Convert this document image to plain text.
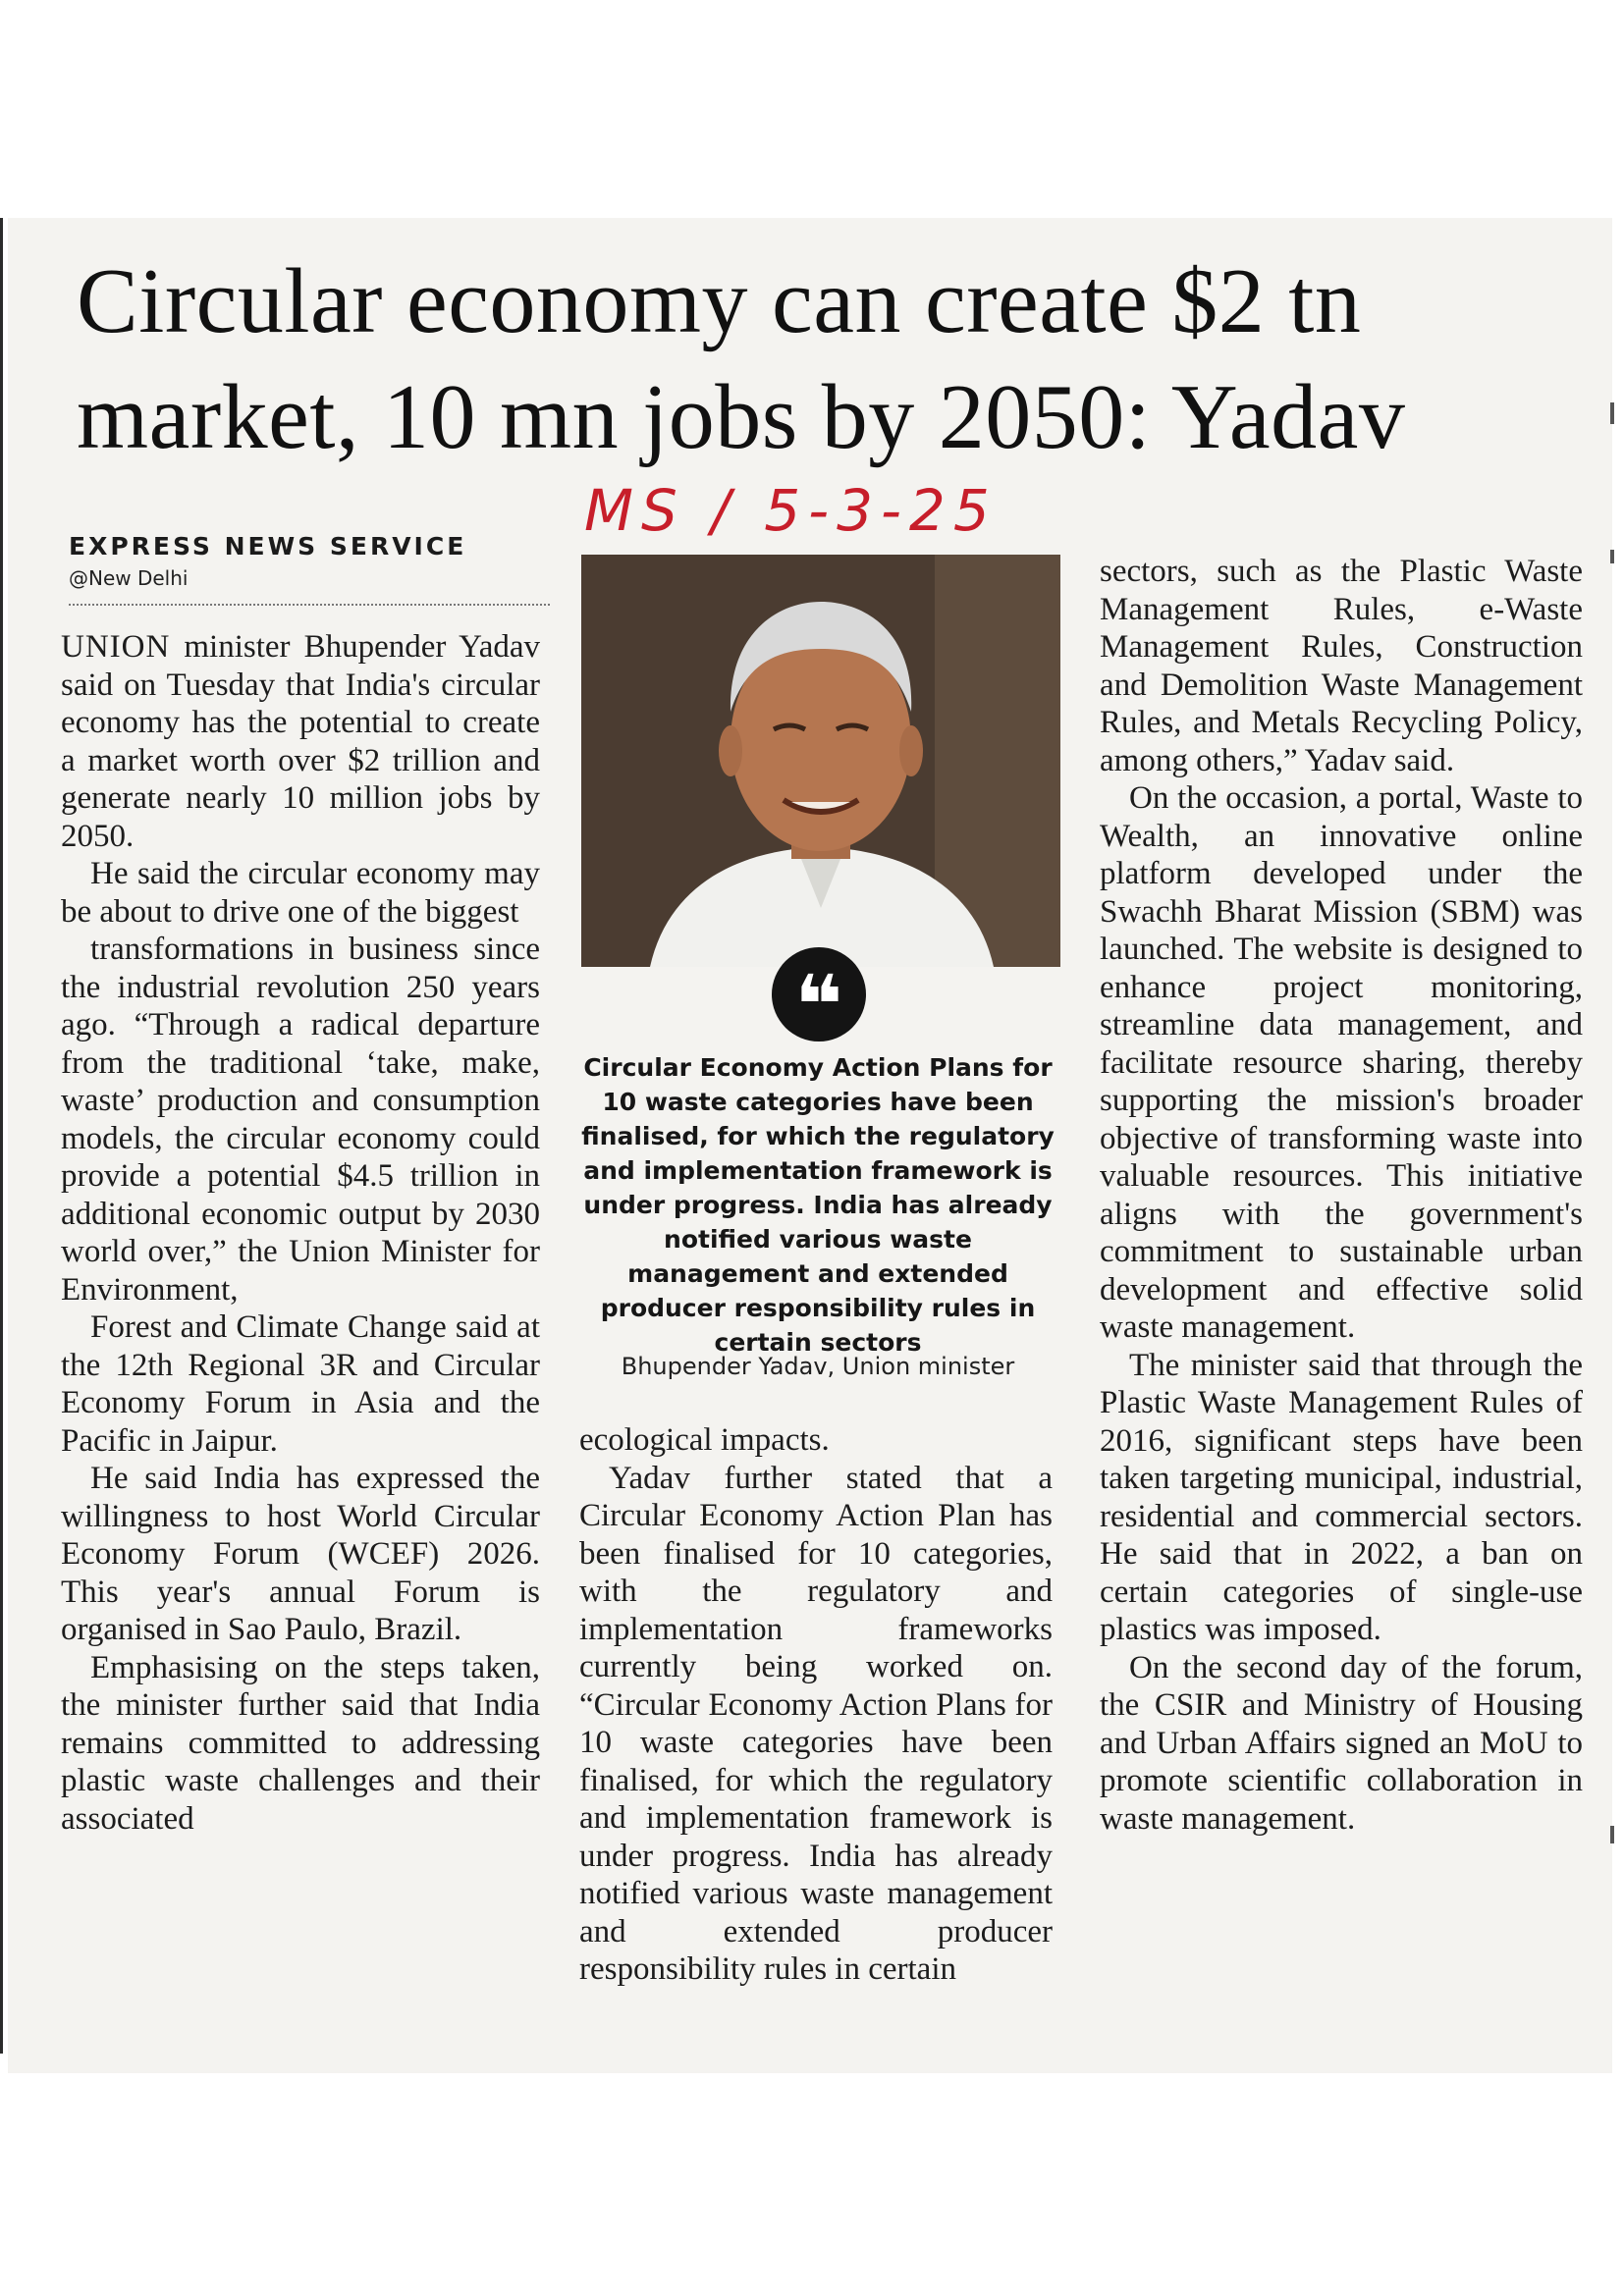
Circular economy can create $2 tn
market, 10 mn jobs by 2050: Yadav
MS / 5-3-25
EXPRESS NEWS SERVICE
@New Delhi

UNION minister Bhupender Yadav said on Tuesday that India's circular economy has the potential to create a market worth over $2 trillion and generate nearly 10 million jobs by 2050.

He said the circular economy may be about to drive one of the biggest

transformations in business since the industrial revolution 250 years ago. “Through a radical departure from the traditional ‘take, make, waste’ production and consumption models, the circular economy could provide a potential $4.5 trillion in additional economic output by 2030 world over,” the Union Minister for Environment,

Forest and Climate Change said at the 12th Regional 3R and Circular Economy Forum in Asia and the Pacific in Jaipur.

He said India has expressed the willingness to host World Circular Economy Forum (WCEF) 2026. This year's annual Forum is organised in Sao Paulo, Brazil.

Emphasising on the steps taken, the minister further said that India remains committed to addressing plastic waste challenges and their associated

❝

Circular Economy Action Plans for 10 waste categories have been finalised, for which the regulatory and implementation framework is under progress. India has already notified various waste management and extended producer responsibility rules in certain sectors

Bhupender Yadav, Union minister

ecological impacts.

Yadav further stated that a Circular Economy Action Plan has been finalised for 10 categories, with the regulatory and implementation frameworks currently being worked on. “Circular Economy Action Plans for 10 waste categories have been finalised, for which the regulatory and implementation framework is under progress. India has already notified various waste management and extended producer responsibility rules in certain

sectors, such as the Plastic Waste Management Rules, e-Waste Management Rules, Construction and Demolition Waste Management Rules, and Metals Recycling Policy, among others,” Yadav said.

On the occasion, a portal, Waste to Wealth, an innovative online platform developed under the Swachh Bharat Mission (SBM) was launched. The website is designed to enhance project monitoring, streamline data management, and facilitate resource sharing, thereby supporting the mission's broader objective of transforming waste into valuable resources. This initiative aligns with the government's commitment to sustainable urban development and effective solid waste management.

The minister said that through the Plastic Waste Management Rules of 2016, significant steps have been taken targeting municipal, industrial, residential and commercial sectors. He said that in 2022, a ban on certain categories of single-use plastics was imposed.

On the second day of the forum, the CSIR and Ministry of Housing and Urban Affairs signed an MoU to promote scientific collaboration in waste management.
